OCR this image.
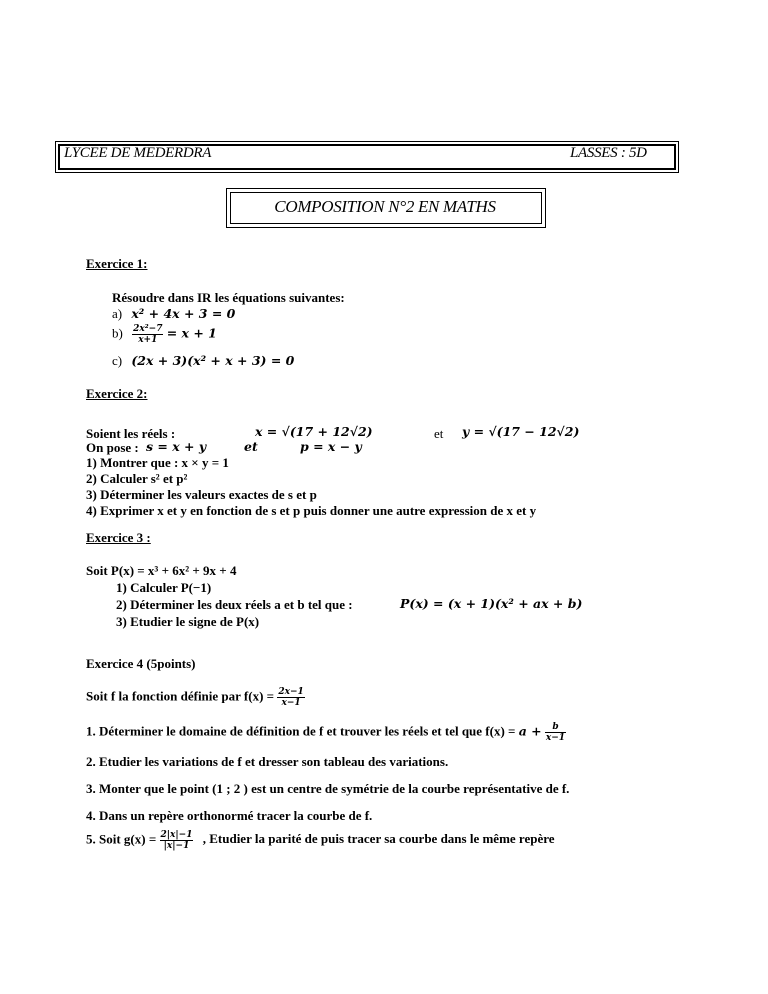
LYCEE DE MEDERDRA	LASSES : 5D
COMPOSITION N°2 EN MATHS
Exercice 1:
Résoudre dans IR les équations suivantes:
a) x² + 4x + 3 = 0
$b) \frac{\text{2x²−7}}{x+1} = x + 1$
c) (2x + 3)(x² + x + 3) = 0
Exercice 2:
Soient les réels :	x = √(17 + 12√2)	et y = √(17 − 12√2)
On pose : s = x + y	et	p = x − y
1) Montrer que : x × y = 1
2) Calculer s² et p²
3) Déterminer les valeurs exactes de s et p
4) Exprimer x et y en fonction de s et p puis donner une autre expression de x et y
Exercice 3 :
Soit P(x) = x³ + 6x² + 9x + 4
1) Calculer P(−1)
2) Déterminer les deux réels a et b tel que :	P(x) = (x + 1)(x² + ax + b)
3) Etudier le signe de P(x)
Exercice 4 (5points)
Soit f la fonction définie par $f(x) = \frac{2x-1}{x-1}$
1. Déterminer le domaine de définition de f et trouver les réels et tel que $f(x) = a + \frac{b}{x-1}$
2. Etudier les variations de f et dresser son tableau des variations.
3. Monter que le point (1 ; 2 ) est un centre de symétrie de la courbe représentative de f.
4. Dans un repère orthonormé tracer la courbe de f.
5. Soit $g(x) = \frac{2|x|-1}{|x|-1}$ , Etudier la parité de puis tracer sa courbe dans le même repère
